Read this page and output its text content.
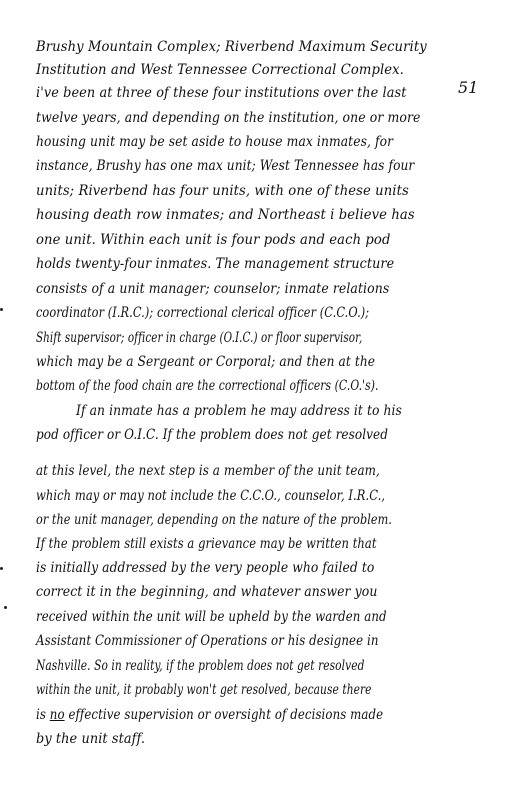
51
Brushy Mountain Complex; Riverbend Maximum Security
Institution and West Tennessee Correctional Complex.
i've been at three of these four institutions over the last
twelve years, and depending on the institution, one or more
housing unit may be set aside to house max inmates, for
instance, Brushy has one max unit; West Tennessee has four
units; Riverbend has four units, with one of these units
housing death row inmates; and Northeast i believe has
one unit. Within each unit is four pods and each pod
holds twenty-four inmates. The management structure
consists of a unit manager; counselor; inmate relations
coordinator (I.R.C.); correctional clerical officer (C.C.O.);
Shift supervisor; officer in charge (O.I.C.) or floor supervisor,
which may be a Sergeant or Corporal; and then at the
bottom of the food chain are the correctional officers (C.O.'s).
If an inmate has a problem he may address it to his
pod officer or O.I.C. If the problem does not get resolved
at this level, the next step is a member of the unit team,
which may or may not include the C.C.O., counselor, I.R.C.,
or the unit manager, depending on the nature of the problem.
If the problem still exists a grievance may be written that
is initially addressed by the very people who failed to
correct it in the beginning, and whatever answer you
received within the unit will be upheld by the warden and
Assistant Commissioner of Operations or his designee in
Nashville. So in reality, if the problem does not get resolved
within the unit, it probably won't get resolved, because there
is no effective supervision or oversight of decisions made
by the unit staff.
